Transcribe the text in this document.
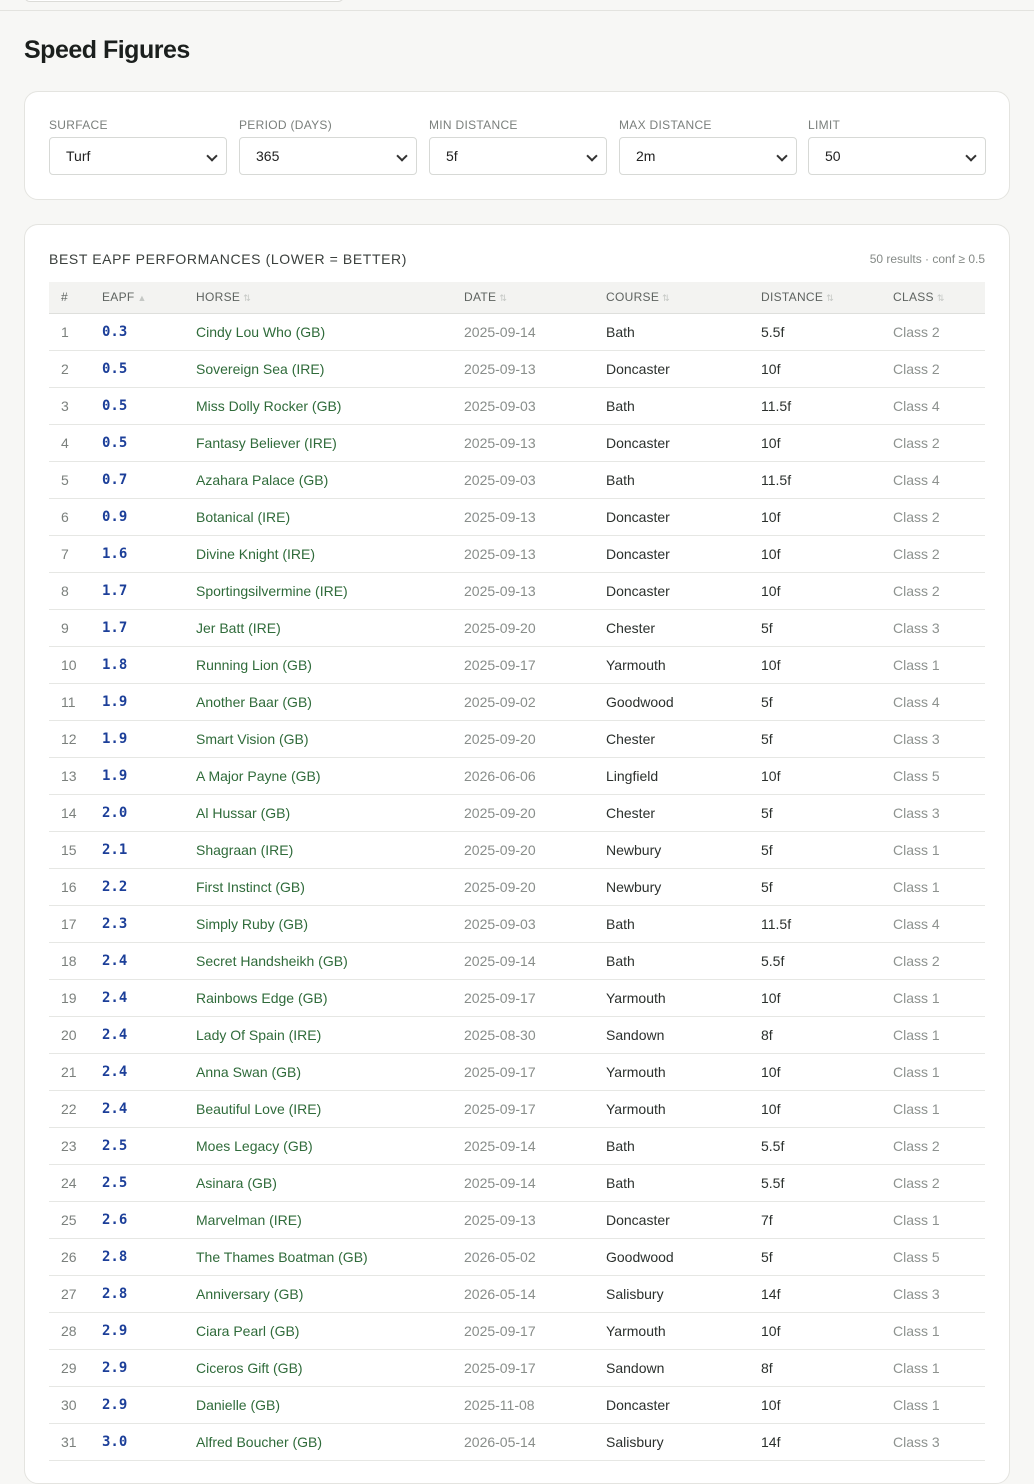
Speed Figures
SURFACE
Turf
PERIOD (DAYS)
365
MIN DISTANCE
5f
MAX DISTANCE
2m
LIMIT
50
BEST EAPF PERFORMANCES (LOWER = BETTER)	50 results · conf ≥ 0.5
#	EAPF ▲	HORSE ⇅	DATE ⇅	COURSE ⇅	DISTANCE ⇅	CLASS ⇅
1	0.3	Cindy Lou Who (GB)	2025-09-14	Bath	5.5f	Class 2
2	0.5	Sovereign Sea (IRE)	2025-09-13	Doncaster	10f	Class 2
3	0.5	Miss Dolly Rocker (GB)	2025-09-03	Bath	11.5f	Class 4
4	0.5	Fantasy Believer (IRE)	2025-09-13	Doncaster	10f	Class 2
5	0.7	Azahara Palace (GB)	2025-09-03	Bath	11.5f	Class 4
6	0.9	Botanical (IRE)	2025-09-13	Doncaster	10f	Class 2
7	1.6	Divine Knight (IRE)	2025-09-13	Doncaster	10f	Class 2
8	1.7	Sportingsilvermine (IRE)	2025-09-13	Doncaster	10f	Class 2
9	1.7	Jer Batt (IRE)	2025-09-20	Chester	5f	Class 3
10	1.8	Running Lion (GB)	2025-09-17	Yarmouth	10f	Class 1
11	1.9	Another Baar (GB)	2025-09-02	Goodwood	5f	Class 4
12	1.9	Smart Vision (GB)	2025-09-20	Chester	5f	Class 3
13	1.9	A Major Payne (GB)	2026-06-06	Lingfield	10f	Class 5
14	2.0	Al Hussar (GB)	2025-09-20	Chester	5f	Class 3
15	2.1	Shagraan (IRE)	2025-09-20	Newbury	5f	Class 1
16	2.2	First Instinct (GB)	2025-09-20	Newbury	5f	Class 1
17	2.3	Simply Ruby (GB)	2025-09-03	Bath	11.5f	Class 4
18	2.4	Secret Handsheikh (GB)	2025-09-14	Bath	5.5f	Class 2
19	2.4	Rainbows Edge (GB)	2025-09-17	Yarmouth	10f	Class 1
20	2.4	Lady Of Spain (IRE)	2025-08-30	Sandown	8f	Class 1
21	2.4	Anna Swan (GB)	2025-09-17	Yarmouth	10f	Class 1
22	2.4	Beautiful Love (IRE)	2025-09-17	Yarmouth	10f	Class 1
23	2.5	Moes Legacy (GB)	2025-09-14	Bath	5.5f	Class 2
24	2.5	Asinara (GB)	2025-09-14	Bath	5.5f	Class 2
25	2.6	Marvelman (IRE)	2025-09-13	Doncaster	7f	Class 1
26	2.8	The Thames Boatman (GB)	2026-05-02	Goodwood	5f	Class 5
27	2.8	Anniversary (GB)	2026-05-14	Salisbury	14f	Class 3
28	2.9	Ciara Pearl (GB)	2025-09-17	Yarmouth	10f	Class 1
29	2.9	Ciceros Gift (GB)	2025-09-17	Sandown	8f	Class 1
30	2.9	Danielle (GB)	2025-11-08	Doncaster	10f	Class 1
31	3.0	Alfred Boucher (GB)	2026-05-14	Salisbury	14f	Class 3
